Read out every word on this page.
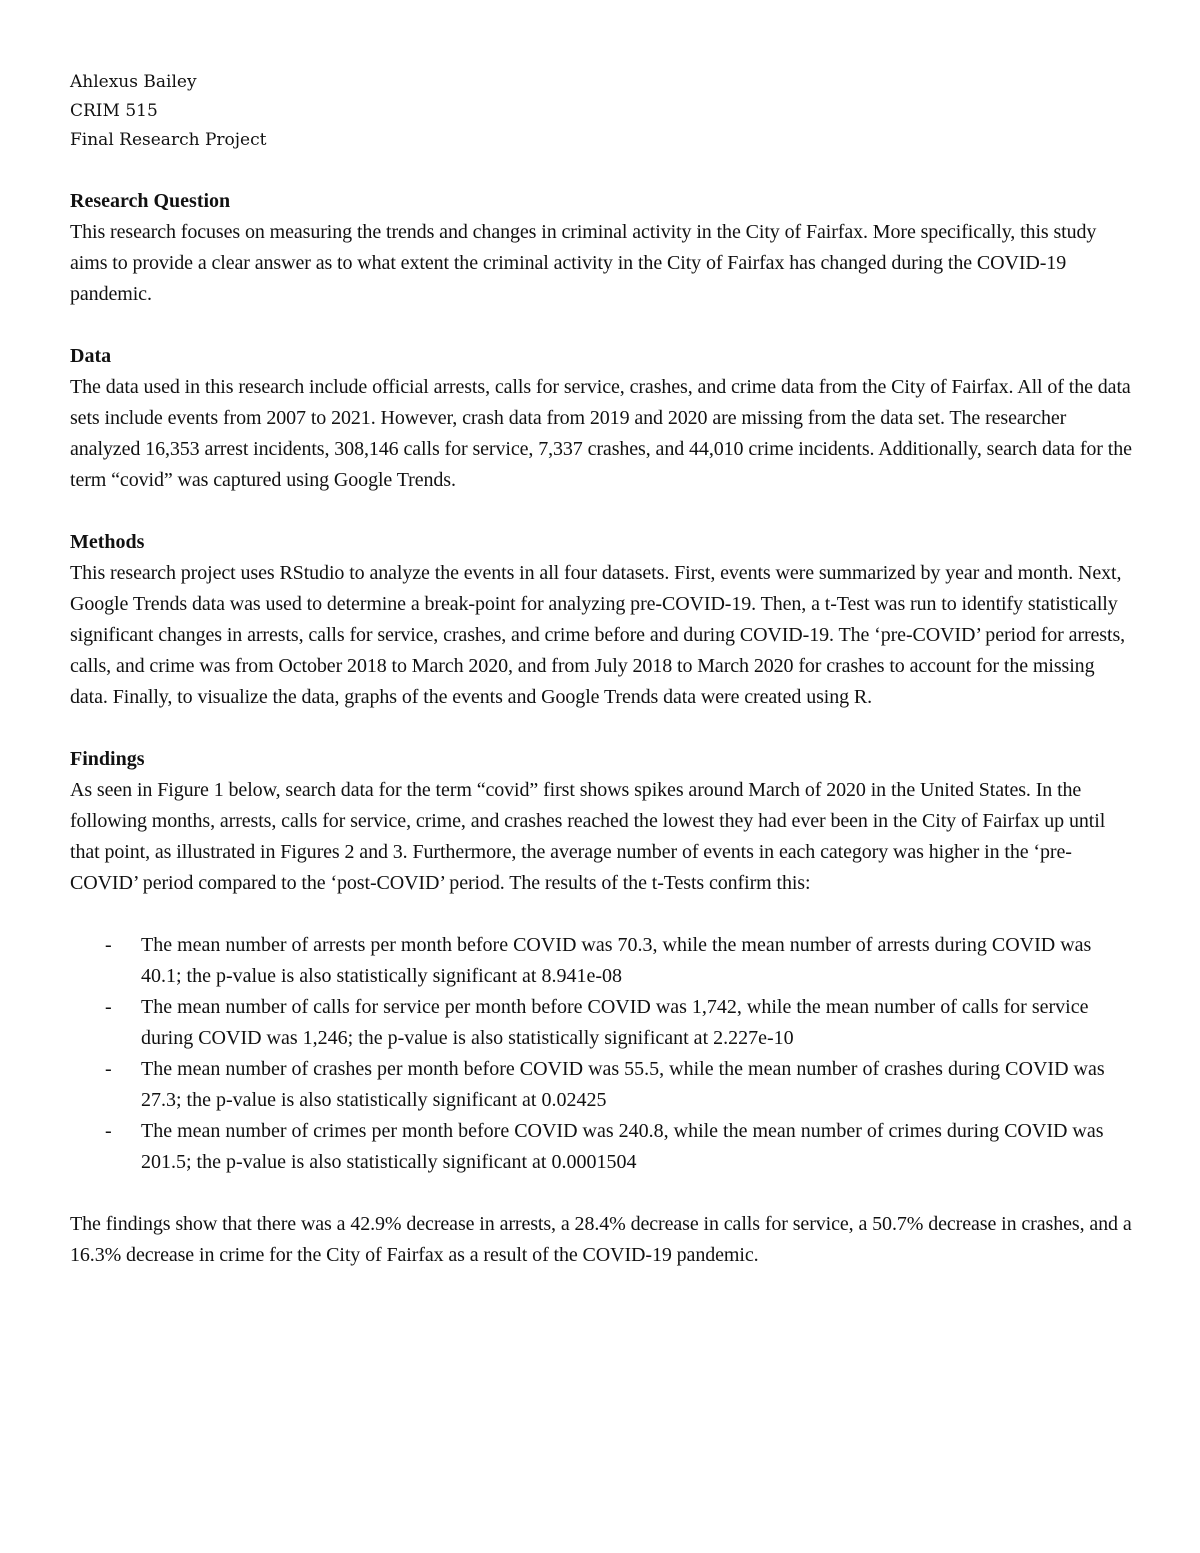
Ahlexus Bailey

CRIM 515

Final Research Project

Research Question

This research focuses on measuring the trends and changes in criminal activity in the City of Fairfax. More specifically, this study aims to provide a clear answer as to what extent the criminal activity in the City of Fairfax has changed during the COVID-19 pandemic.

Data

The data used in this research include official arrests, calls for service, crashes, and crime data from the City of Fairfax. All of the data sets include events from 2007 to 2021. However, crash data from 2019 and 2020 are missing from the data set. The researcher analyzed 16,353 arrest incidents, 308,146 calls for service, 7,337 crashes, and 44,010 crime incidents. Additionally, search data for the term “covid” was captured using Google Trends.

Methods

This research project uses RStudio to analyze the events in all four datasets. First, events were summarized by year and month. Next, Google Trends data was used to determine a break-point for analyzing pre-COVID-19. Then, a t-Test was run to identify statistically significant changes in arrests, calls for service, crashes, and crime before and during COVID-19. The ‘pre-COVID’ period for arrests, calls, and crime was from October 2018 to March 2020, and from July 2018 to March 2020 for crashes to account for the missing data. Finally, to visualize the data, graphs of the events and Google Trends data were created using R.

Findings

As seen in Figure 1 below, search data for the term “covid” first shows spikes around March of 2020 in the United States. In the following months, arrests, calls for service, crime, and crashes reached the lowest they had ever been in the City of Fairfax up until that point, as illustrated in Figures 2 and 3. Furthermore, the average number of events in each category was higher in the ‘pre-COVID’ period compared to the ‘post-COVID’ period. The results of the t-Tests confirm this:

- The mean number of arrests per month before COVID was 70.3, while the mean number of arrests during COVID was 40.1; the p-value is also statistically significant at 8.941e-08
- The mean number of calls for service per month before COVID was 1,742, while the mean number of calls for service during COVID was 1,246; the p-value is also statistically significant at 2.227e-10
- The mean number of crashes per month before COVID was 55.5, while the mean number of crashes during COVID was 27.3; the p-value is also statistically significant at 0.02425
- The mean number of crimes per month before COVID was 240.8, while the mean number of crimes during COVID was 201.5; the p-value is also statistically significant at 0.0001504

The findings show that there was a 42.9% decrease in arrests, a 28.4% decrease in calls for service, a 50.7% decrease in crashes, and a 16.3% decrease in crime for the City of Fairfax as a result of the COVID-19 pandemic.
